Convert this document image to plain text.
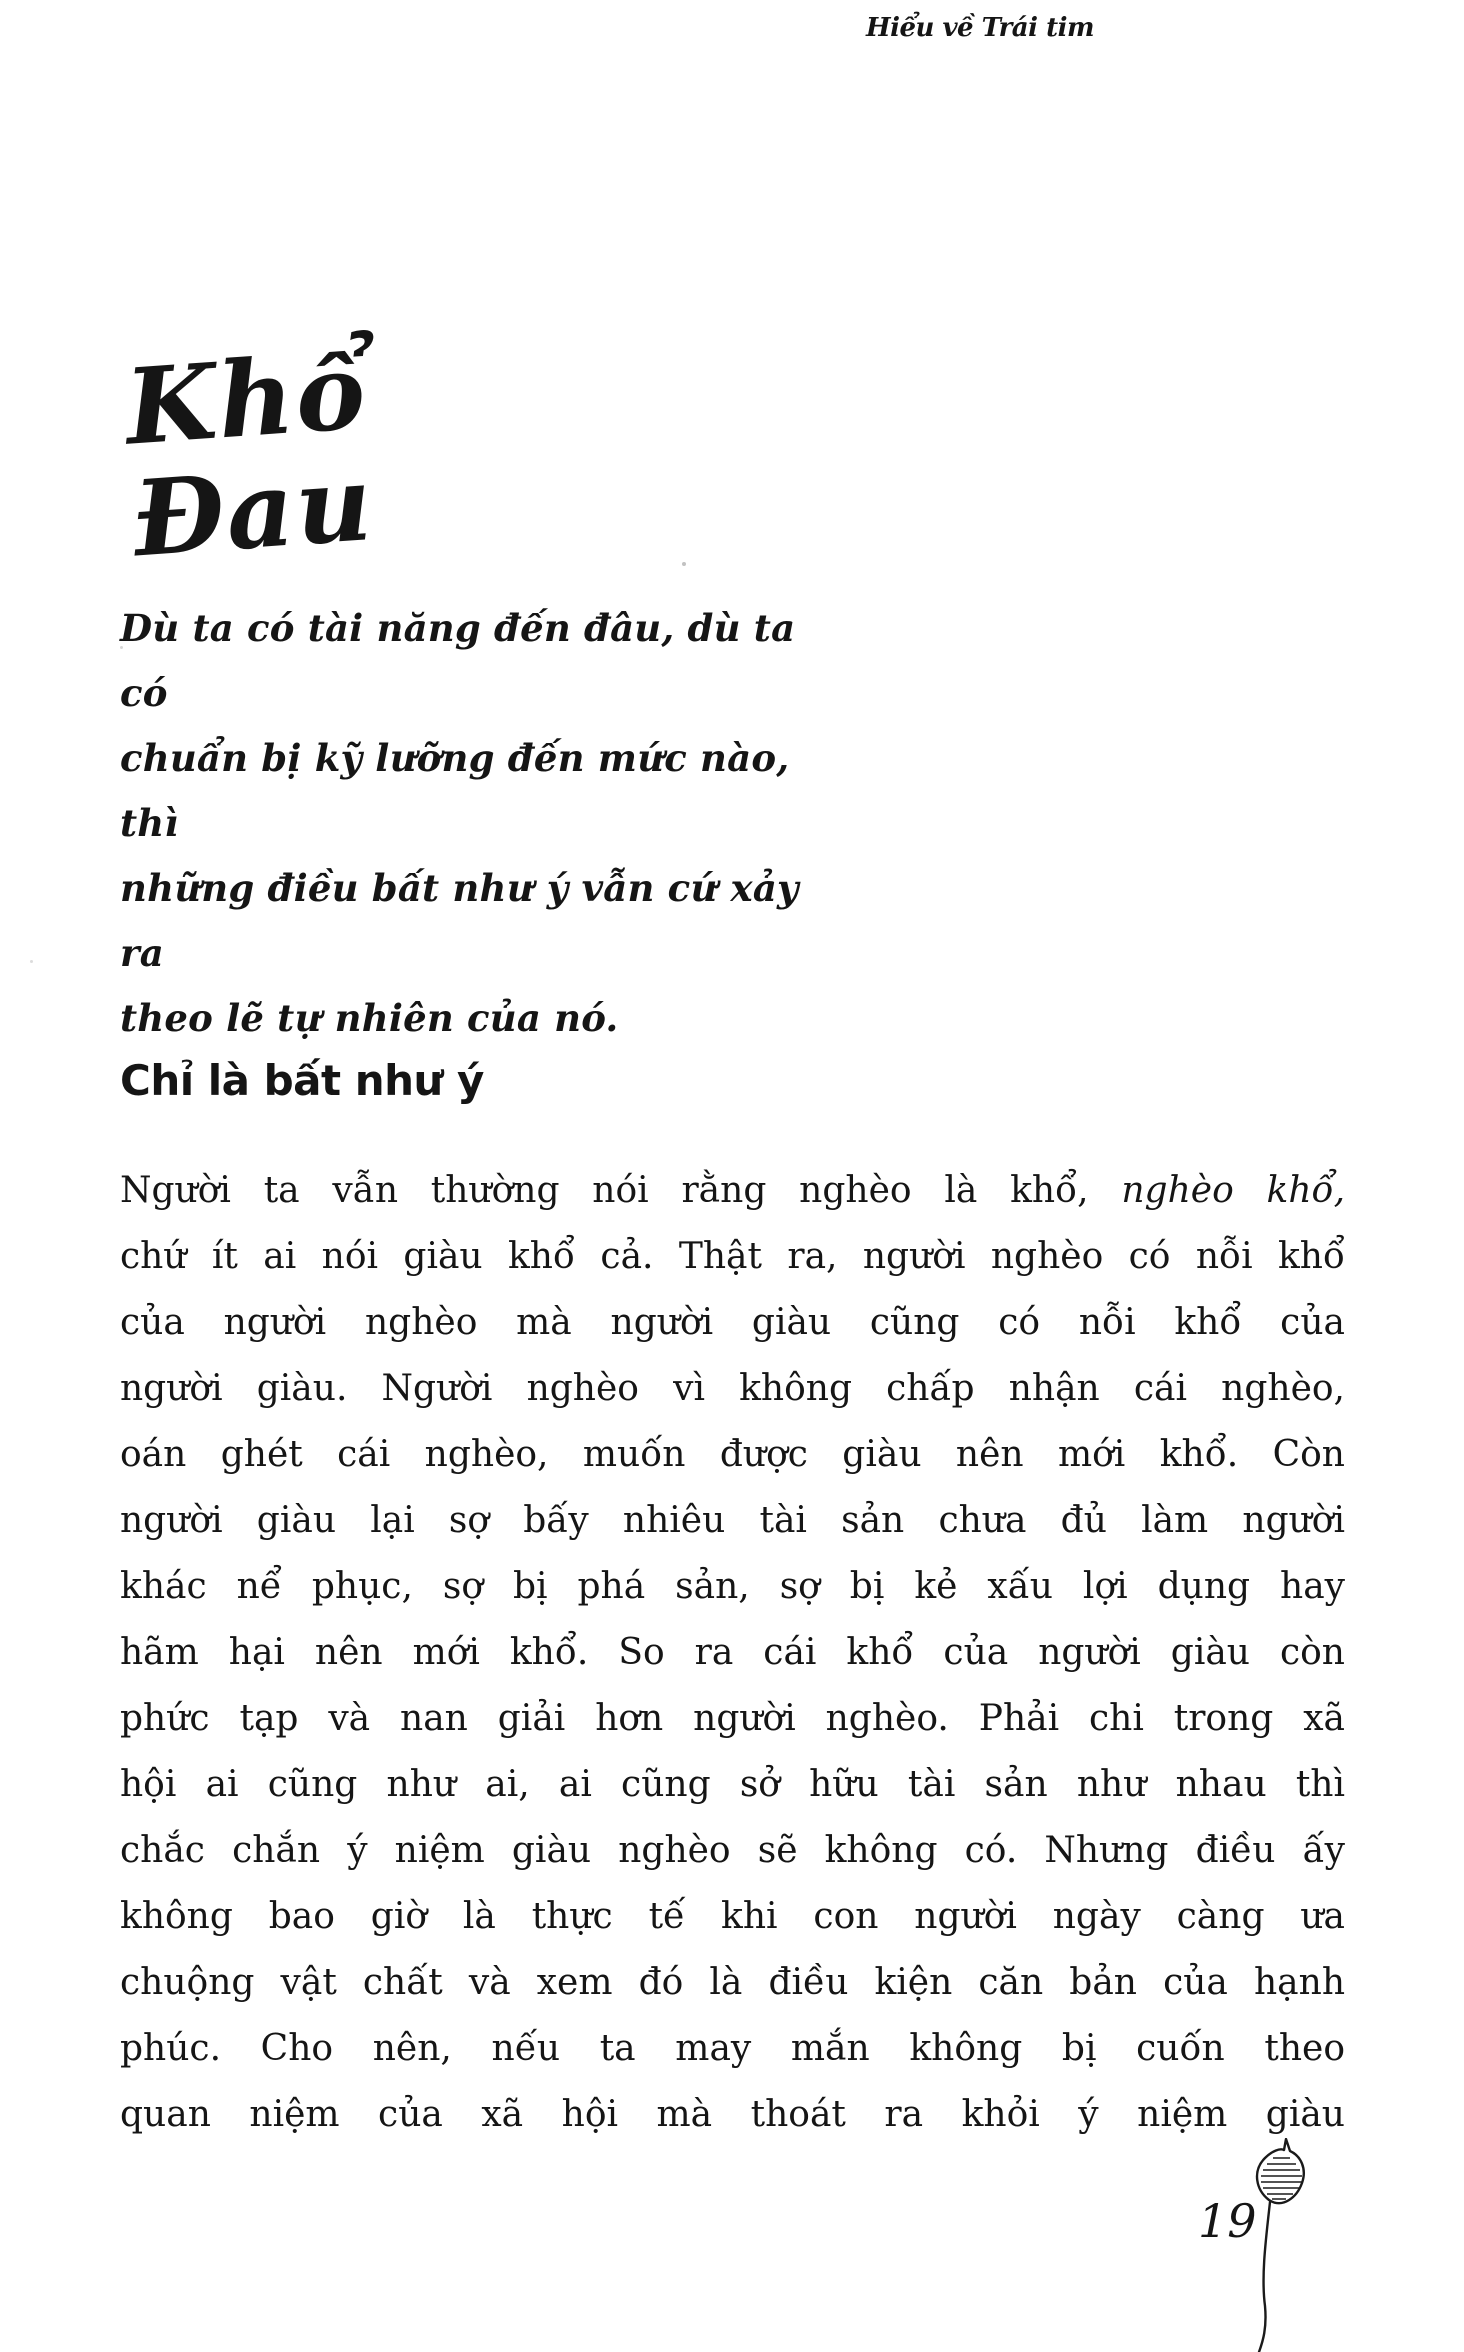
Hiểu về Trái tim
Khổ
Đau
Dù ta có tài năng đến đâu, dù ta có
chuẩn bị kỹ lưỡng đến mức nào, thì
những điều bất như ý vẫn cứ xảy ra
theo lẽ tự nhiên của nó.
Chỉ là bất như ý
Người ta vẫn thường nói rằng nghèo là khổ, nghèo khổ,
chứ ít ai nói giàu khổ cả. Thật ra, người nghèo có nỗi khổ
của người nghèo mà người giàu cũng có nỗi khổ của
người giàu. Người nghèo vì không chấp nhận cái nghèo,
oán ghét cái nghèo, muốn được giàu nên mới khổ. Còn
người giàu lại sợ bấy nhiêu tài sản chưa đủ làm người
khác nể phục, sợ bị phá sản, sợ bị kẻ xấu lợi dụng hay
hãm hại nên mới khổ. So ra cái khổ của người giàu còn
phức tạp và nan giải hơn người nghèo. Phải chi trong xã
hội ai cũng như ai, ai cũng sở hữu tài sản như nhau thì
chắc chắn ý niệm giàu nghèo sẽ không có. Nhưng điều ấy
không bao giờ là thực tế khi con người ngày càng ưa
chuộng vật chất và xem đó là điều kiện căn bản của hạnh
phúc. Cho nên, nếu ta may mắn không bị cuốn theo
quan niệm của xã hội mà thoát ra khỏi ý niệm giàu
19
